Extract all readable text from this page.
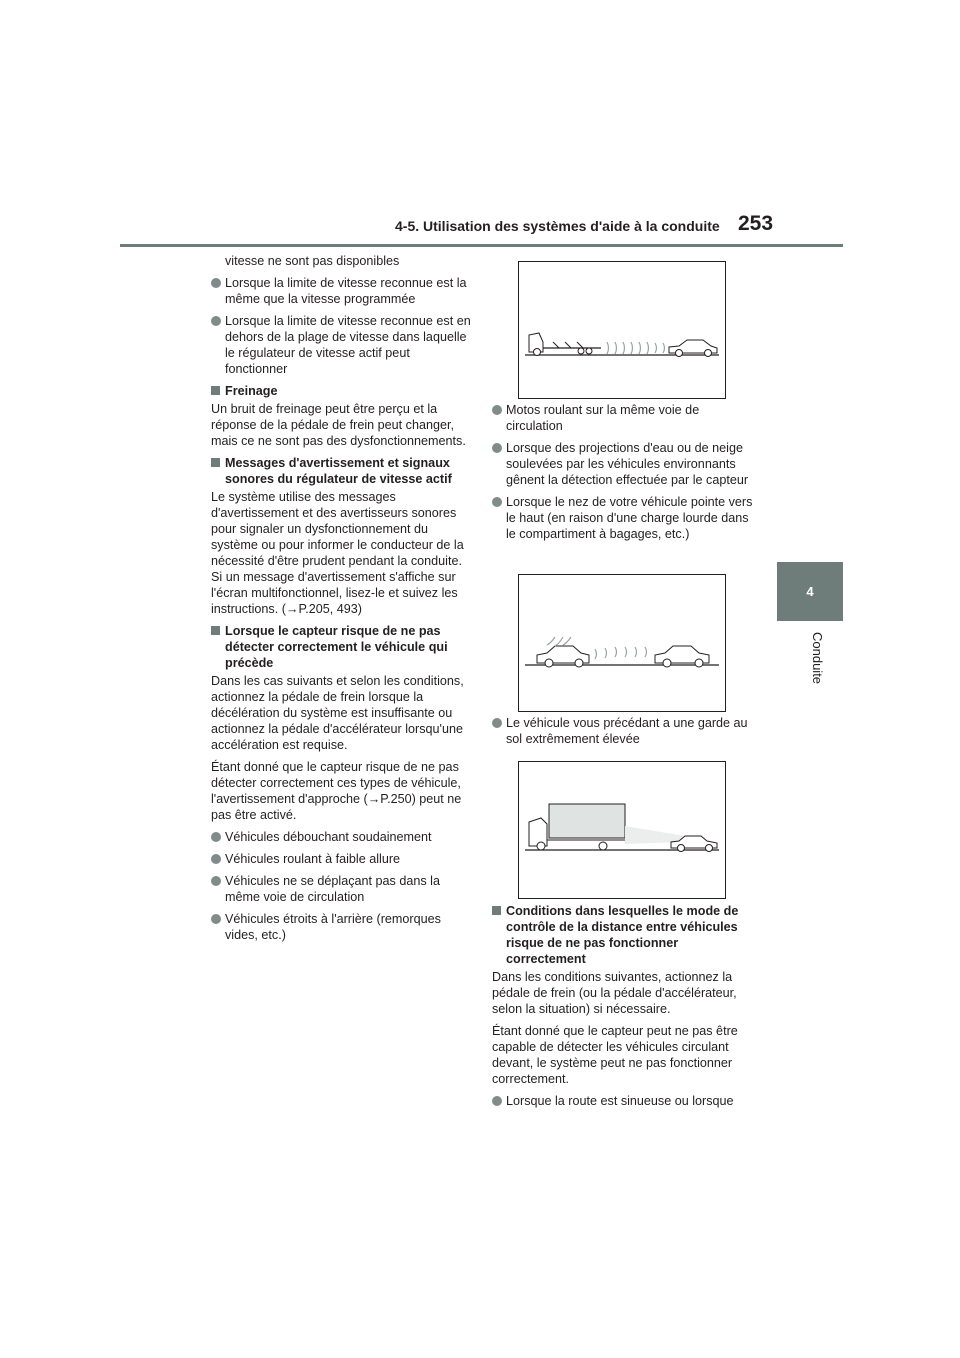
4-5. Utilisation des systèmes d'aide à la conduite 253
4
Conduite
vitesse ne sont pas disponibles
Lorsque la limite de vitesse reconnue est la même que la vitesse programmée
Lorsque la limite de vitesse reconnue est en dehors de la plage de vitesse dans laquelle le régulateur de vitesse actif peut fonctionner
Freinage
Un bruit de freinage peut être perçu et la réponse de la pédale de frein peut changer, mais ce ne sont pas des dysfonctionnements.
Messages d'avertissement et signaux sonores du régulateur de vitesse actif
Le système utilise des messages d'avertissement et des avertisseurs sonores pour signaler un dysfonctionnement du système ou pour informer le conducteur de la nécessité d'être prudent pendant la conduite. Si un message d'avertissement s'affiche sur l'écran multifonctionnel, lisez-le et suivez les instructions. (→P.205, 493)
Lorsque le capteur risque de ne pas détecter correctement le véhicule qui précède
Dans les cas suivants et selon les conditions, actionnez la pédale de frein lorsque la décélération du système est insuffisante ou actionnez la pédale d'accélérateur lorsqu'une accélération est requise.
Étant donné que le capteur risque de ne pas détecter correctement ces types de véhicule, l'avertissement d'approche (→P.250) peut ne pas être activé.
Véhicules débouchant soudainement
Véhicules roulant à faible allure
Véhicules ne se déplaçant pas dans la même voie de circulation
Véhicules étroits à l'arrière (remorques vides, etc.)
Motos roulant sur la même voie de circulation
Lorsque des projections d'eau ou de neige soulevées par les véhicules environnants gênent la détection effectuée par le capteur
Lorsque le nez de votre véhicule pointe vers le haut (en raison d'une charge lourde dans le compartiment à bagages, etc.)
Le véhicule vous précédant a une garde au sol extrêmement élevée
Conditions dans lesquelles le mode de contrôle de la distance entre véhicules risque de ne pas fonctionner correctement
Dans les conditions suivantes, actionnez la pédale de frein (ou la pédale d'accélérateur, selon la situation) si nécessaire.
Étant donné que le capteur peut ne pas être capable de détecter les véhicules circulant devant, le système peut ne pas fonctionner correctement.
Lorsque la route est sinueuse ou lorsque
